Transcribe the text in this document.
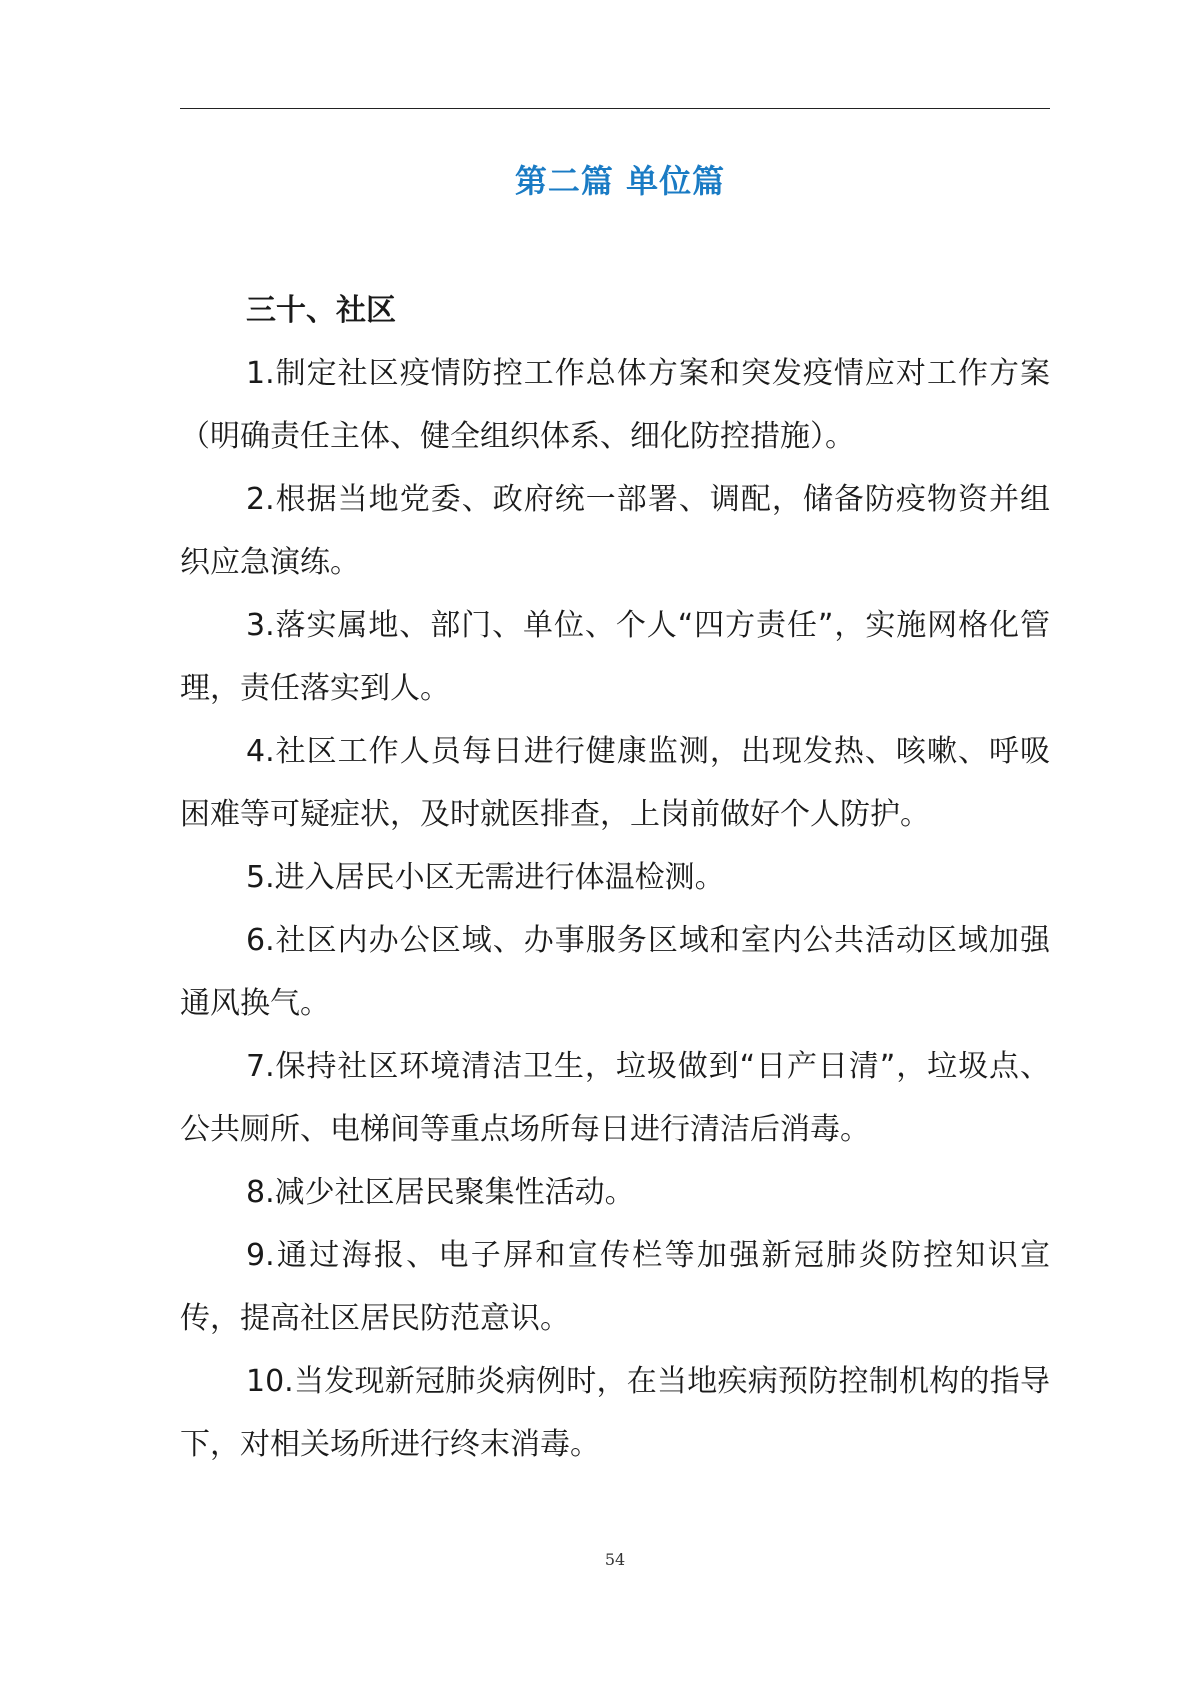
第二篇 单位篇

三十、社区

1.制定社区疫情防控工作总体方案和突发疫情应对工作方案（明确责任主体、健全组织体系、细化防控措施）。

2.根据当地党委、政府统一部署、调配，储备防疫物资并组织应急演练。

3.落实属地、部门、单位、个人“四方责任”，实施网格化管理，责任落实到人。

4.社区工作人员每日进行健康监测，出现发热、咳嗽、呼吸困难等可疑症状，及时就医排查，上岗前做好个人防护。

5.进入居民小区无需进行体温检测。

6.社区内办公区域、办事服务区域和室内公共活动区域加强通风换气。

7.保持社区环境清洁卫生，垃圾做到“日产日清”，垃圾点、公共厕所、电梯间等重点场所每日进行清洁后消毒。

8.减少社区居民聚集性活动。

9.通过海报、电子屏和宣传栏等加强新冠肺炎防控知识宣传，提高社区居民防范意识。

10.当发现新冠肺炎病例时，在当地疾病预防控制机构的指导下，对相关场所进行终末消毒。

54
